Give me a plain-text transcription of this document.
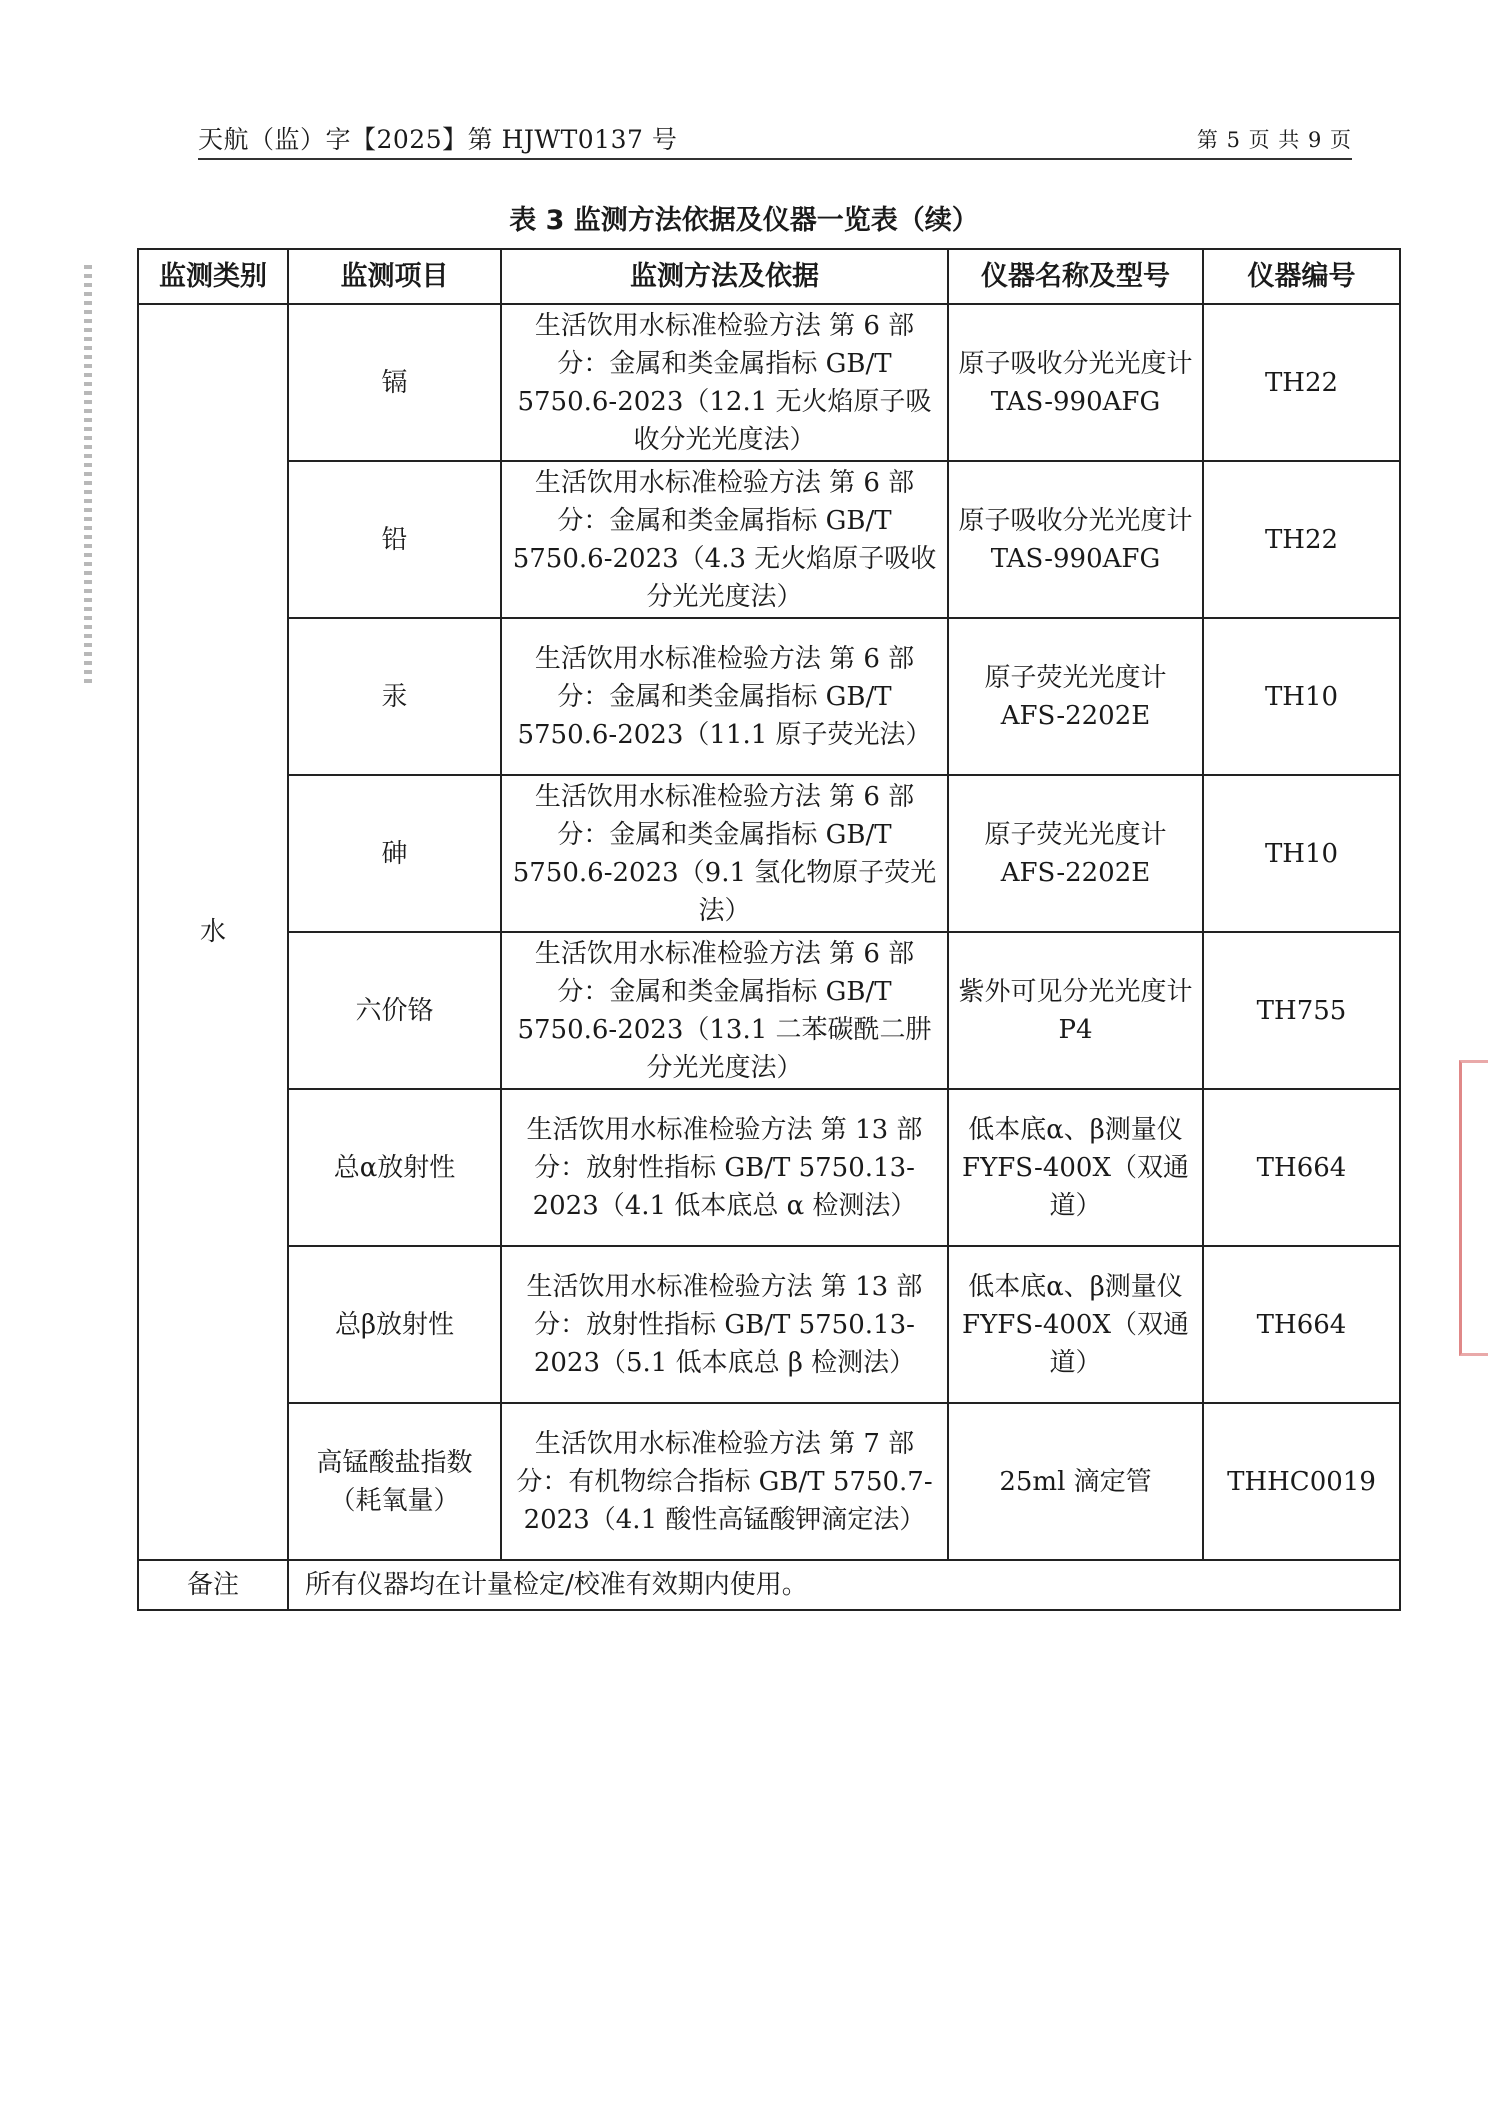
天航（监）字【2025】第 HJWT0137 号	第 5 页 共 9 页
表 3 监测方法依据及仪器一览表（续）
监测类别	监测项目	监测方法及依据	仪器名称及型号	仪器编号
水	镉	生活饮用水标准检验方法 第 6 部分：金属和类金属指标 GB/T 5750.6-2023（12.1 无火焰原子吸收分光光度法）	原子吸收分光光度计 TAS-990AFG	TH22
	铅	生活饮用水标准检验方法 第 6 部分：金属和类金属指标 GB/T 5750.6-2023（4.3 无火焰原子吸收 分光光度法）	原子吸收分光光度计 TAS-990AFG	TH22
	汞	生活饮用水标准检验方法 第 6 部分：金属和类金属指标 GB/T 5750.6-2023（11.1 原子荧光法）	原子荧光光度计 AFS-2202E	TH10
	砷	生活饮用水标准检验方法 第 6 部分：金属和类金属指标 GB/T 5750.6-2023（9.1 氢化物原子荧光法）	原子荧光光度计 AFS-2202E	TH10
	六价铬	生活饮用水标准检验方法 第 6 部分：金属和类金属指标 GB/T 5750.6-2023（13.1 二苯碳酰二肼分光光度法）	紫外可见分光光度计 P4	TH755
	总α放射性	生活饮用水标准检验方法 第 13 部分：放射性指标 GB/T 5750.13-2023（4.1 低本底总 α 检测法）	低本底α、β测量仪 FYFS-400X（双通道）	TH664
	总β放射性	生活饮用水标准检验方法 第 13 部分：放射性指标 GB/T 5750.13-2023（5.1 低本底总 β 检测法）	低本底α、β测量仪 FYFS-400X（双通道）	TH664
	高锰酸盐指数（耗氧量）	生活饮用水标准检验方法 第 7 部分：有机物综合指标 GB/T 5750.7-2023（4.1 酸性高锰酸钾滴定法）	25ml 滴定管	THHC0019
备注	所有仪器均在计量检定/校准有效期内使用。			
